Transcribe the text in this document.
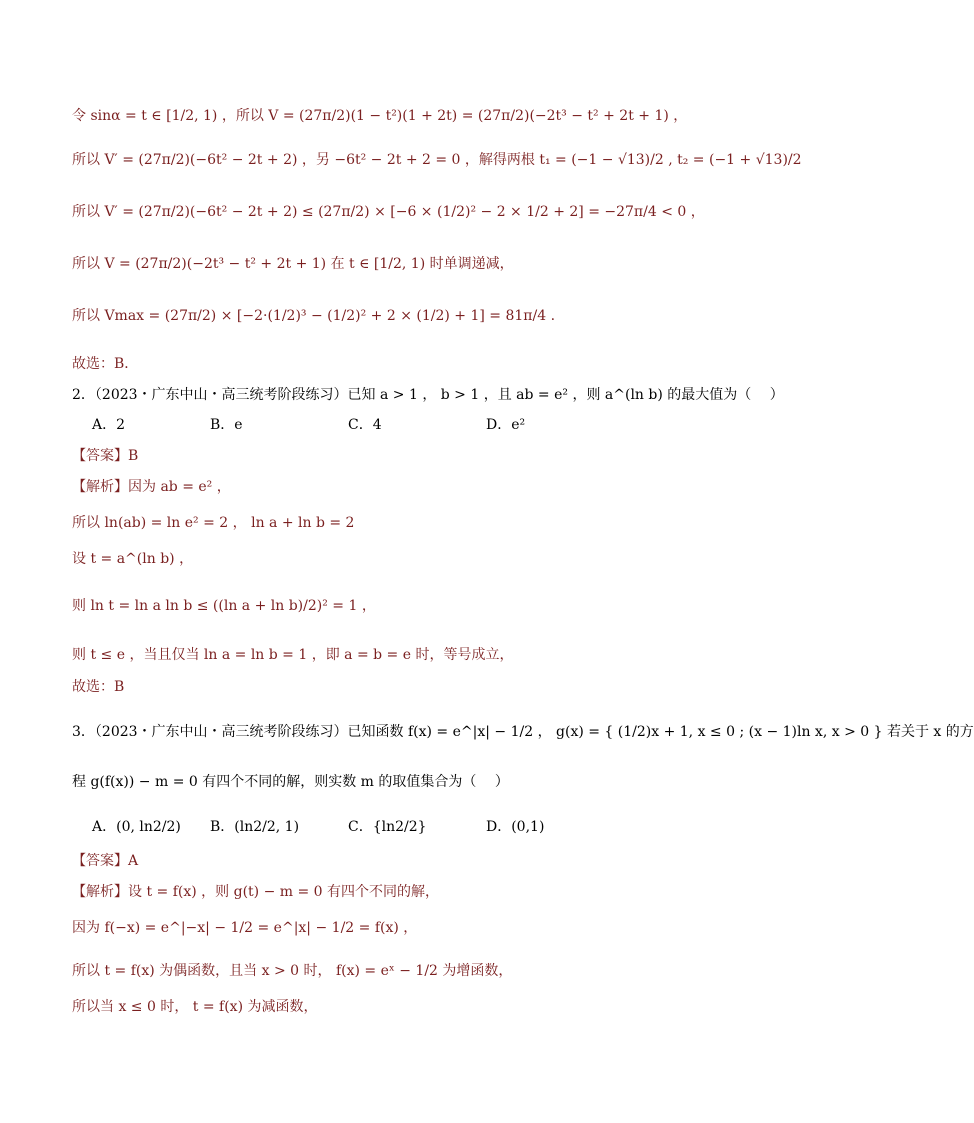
令 sinα = t ∈ [1/2, 1) ，所以 V = (27π/2)(1 − t²)(1 + 2t) = (27π/2)(−2t³ − t² + 2t + 1) ，
所以 V′ = (27π/2)(−6t² − 2t + 2) ，另 −6t² − 2t + 2 = 0 ，解得两根 t₁ = (−1 − √13)/2 , t₂ = (−1 + √13)/2
所以 V′ = (27π/2)(−6t² − 2t + 2) ≤ (27π/2) × [−6 × (1/2)² − 2 × 1/2 + 2] = −27π/4 < 0 ，
所以 V = (27π/2)(−2t³ − t² + 2t + 1) 在 t ∈ [1/2, 1) 时单调递减，
所以 Vmax = (27π/2) × [−2·(1/2)³ − (1/2)² + 2 × (1/2) + 1] = 81π/4 .
故选：B．
2．（2023・广东中山・高三统考阶段练习）已知 a > 1 ， b > 1 ，且 ab = e² ，则 a^(ln b) 的最大值为（　 ）
【答案】B
【解析】因为 ab = e² ，
所以 ln(ab) = ln e² = 2 ， ln a + ln b = 2
设 t = a^(ln b) ，
则 ln t = ln a ln b ≤ ((ln a + ln b)/2)² = 1 ，
则 t ≤ e ，当且仅当 ln a = ln b = 1 ，即 a = b = e 时，等号成立，
故选：B
3．（2023・广东中山・高三统考阶段练习）已知函数 f(x) = e^|x| − 1/2 ， g(x) = { (1/2)x + 1, x ≤ 0 ; (x − 1)ln x, x > 0 } 若关于 x 的方
程 g(f(x)) − m = 0 有四个不同的解，则实数 m 的取值集合为（　 ）
【答案】A
【解析】设 t = f(x) ，则 g(t) − m = 0 有四个不同的解，
因为 f(−x) = e^|−x| − 1/2 = e^|x| − 1/2 = f(x) ，
所以 t = f(x) 为偶函数，且当 x > 0 时， f(x) = eˣ − 1/2 为增函数，
所以当 x ≤ 0 时， t = f(x) 为减函数，
A．2	B．e	C．4	D．e²
A．(0, ln2/2) B．(ln2/2, 1)	C．{ln2/2}	D．(0,1)
